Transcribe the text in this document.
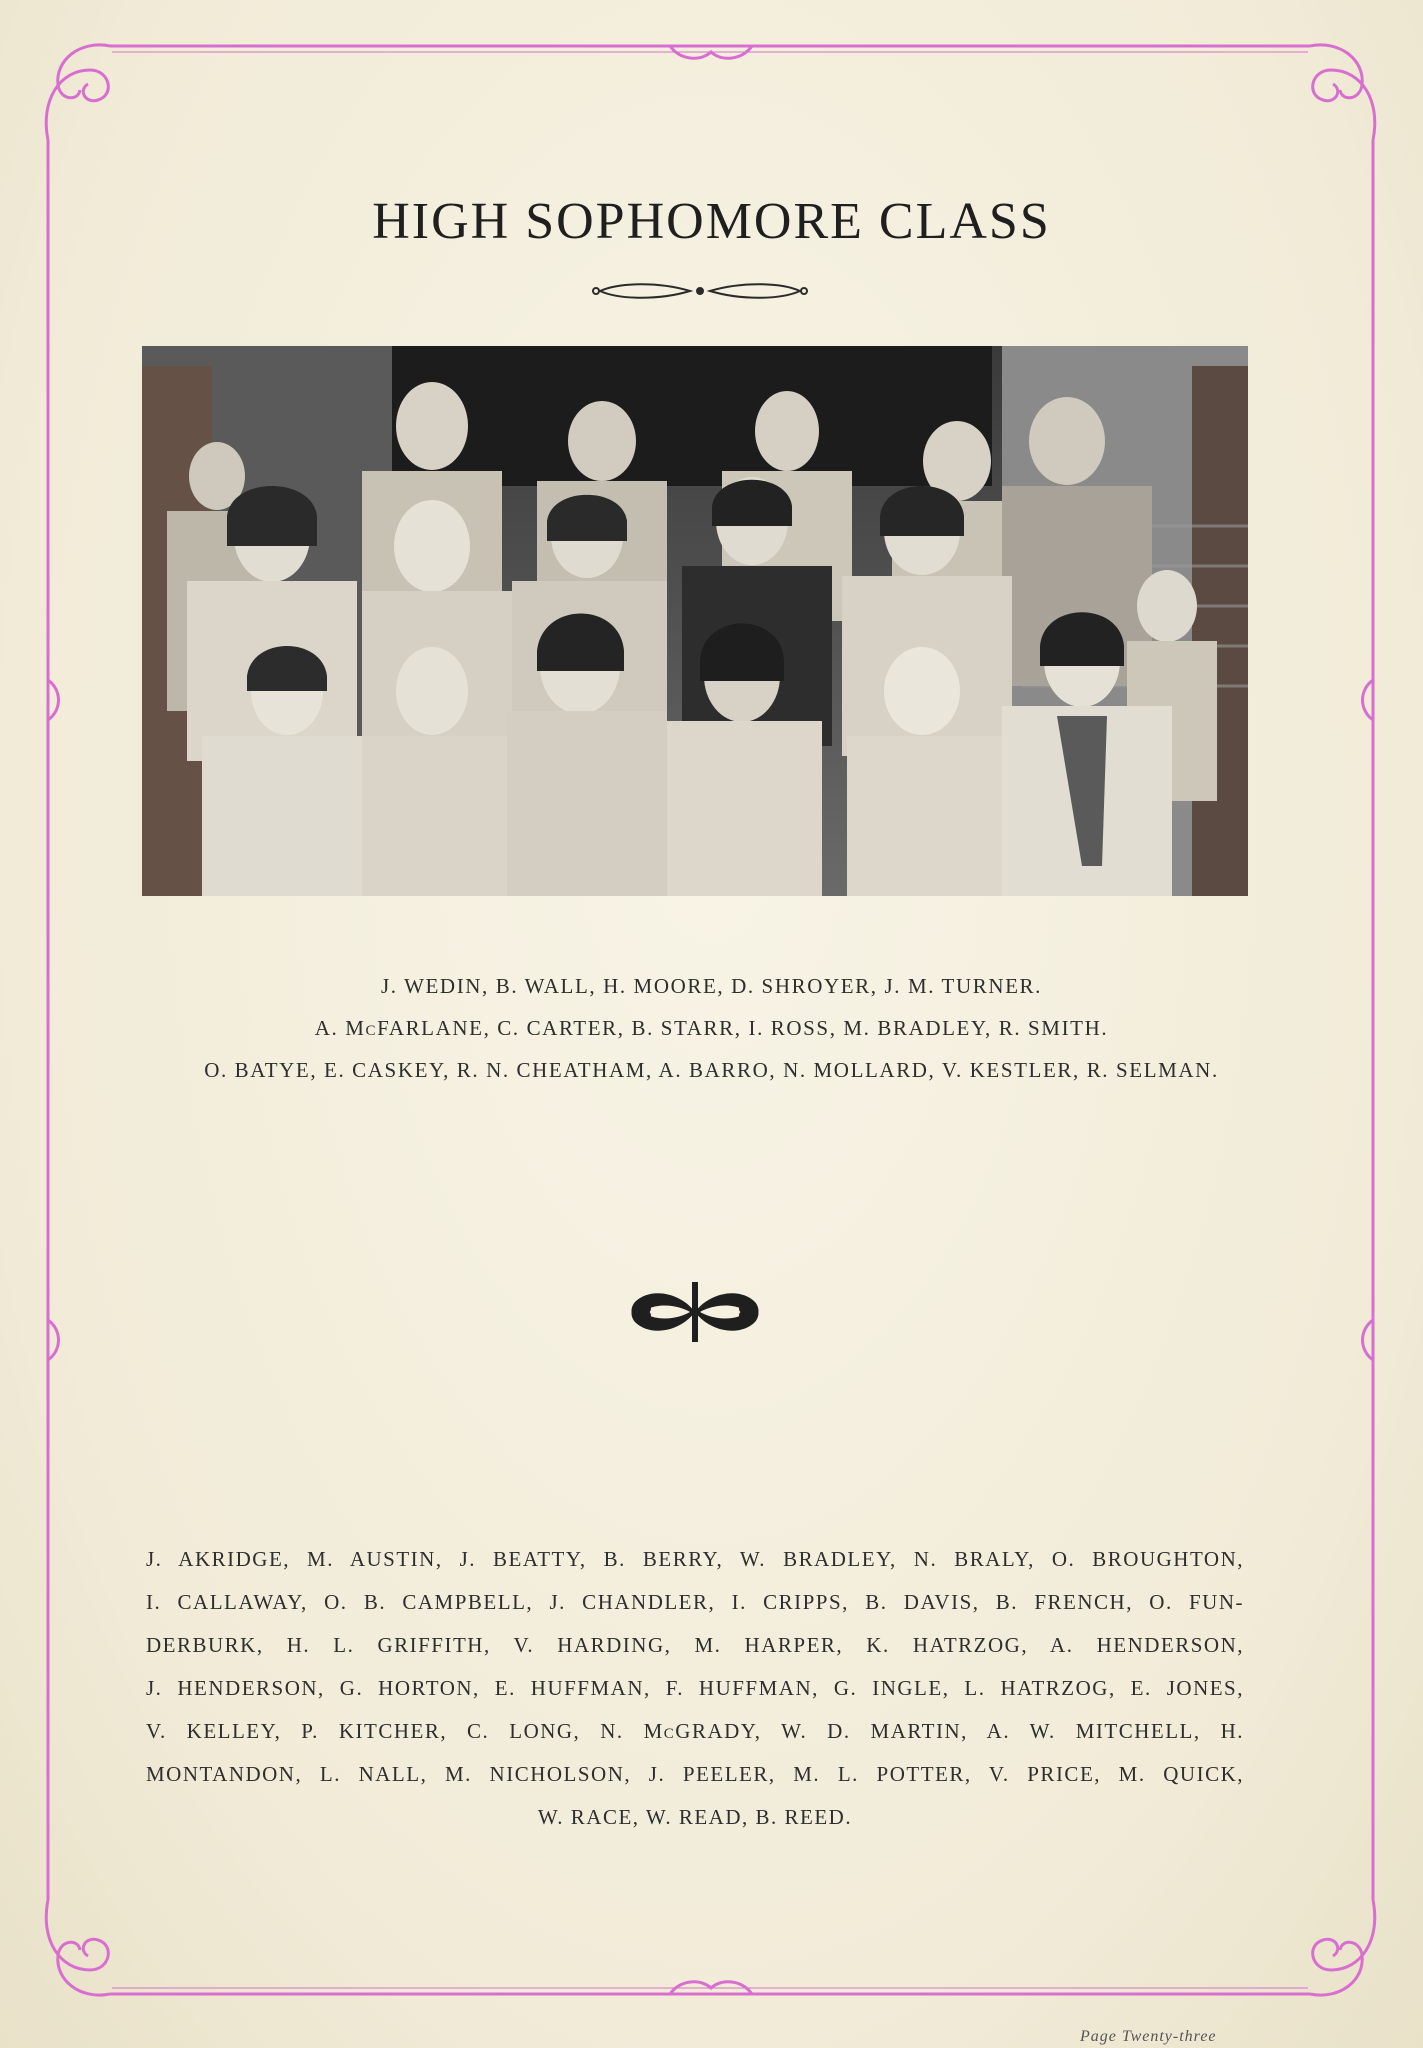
HIGH SOPHOMORE CLASS
J. WEDIN, B. WALL, H. MOORE, D. SHROYER, J. M. TURNER.
A. McFARLANE, C. CARTER, B. STARR, I. ROSS, M. BRADLEY, R. SMITH.
O. BATYE, E. CASKEY, R. N. CHEATHAM, A. BARRO, N. MOLLARD, V. KESTLER, R. SELMAN.
J. AKRIDGE, M. AUSTIN, J. BEATTY, B. BERRY, W. BRADLEY, N. BRALY, O. BROUGHTON,
I. CALLAWAY, O. B. CAMPBELL, J. CHANDLER, I. CRIPPS, B. DAVIS, B. FRENCH, O. FUN-
DERBURK, H. L. GRIFFITH, V. HARDING, M. HARPER, K. HATRZOG, A. HENDERSON,
J. HENDERSON, G. HORTON, E. HUFFMAN, F. HUFFMAN, G. INGLE, L. HATRZOG, E. JONES,
V. KELLEY, P. KITCHER, C. LONG, N. McGRADY, W. D. MARTIN, A. W. MITCHELL, H.
MONTANDON, L. NALL, M. NICHOLSON, J. PEELER, M. L. POTTER, V. PRICE, M. QUICK,
W. RACE, W. READ, B. REED.
Page Twenty-three
